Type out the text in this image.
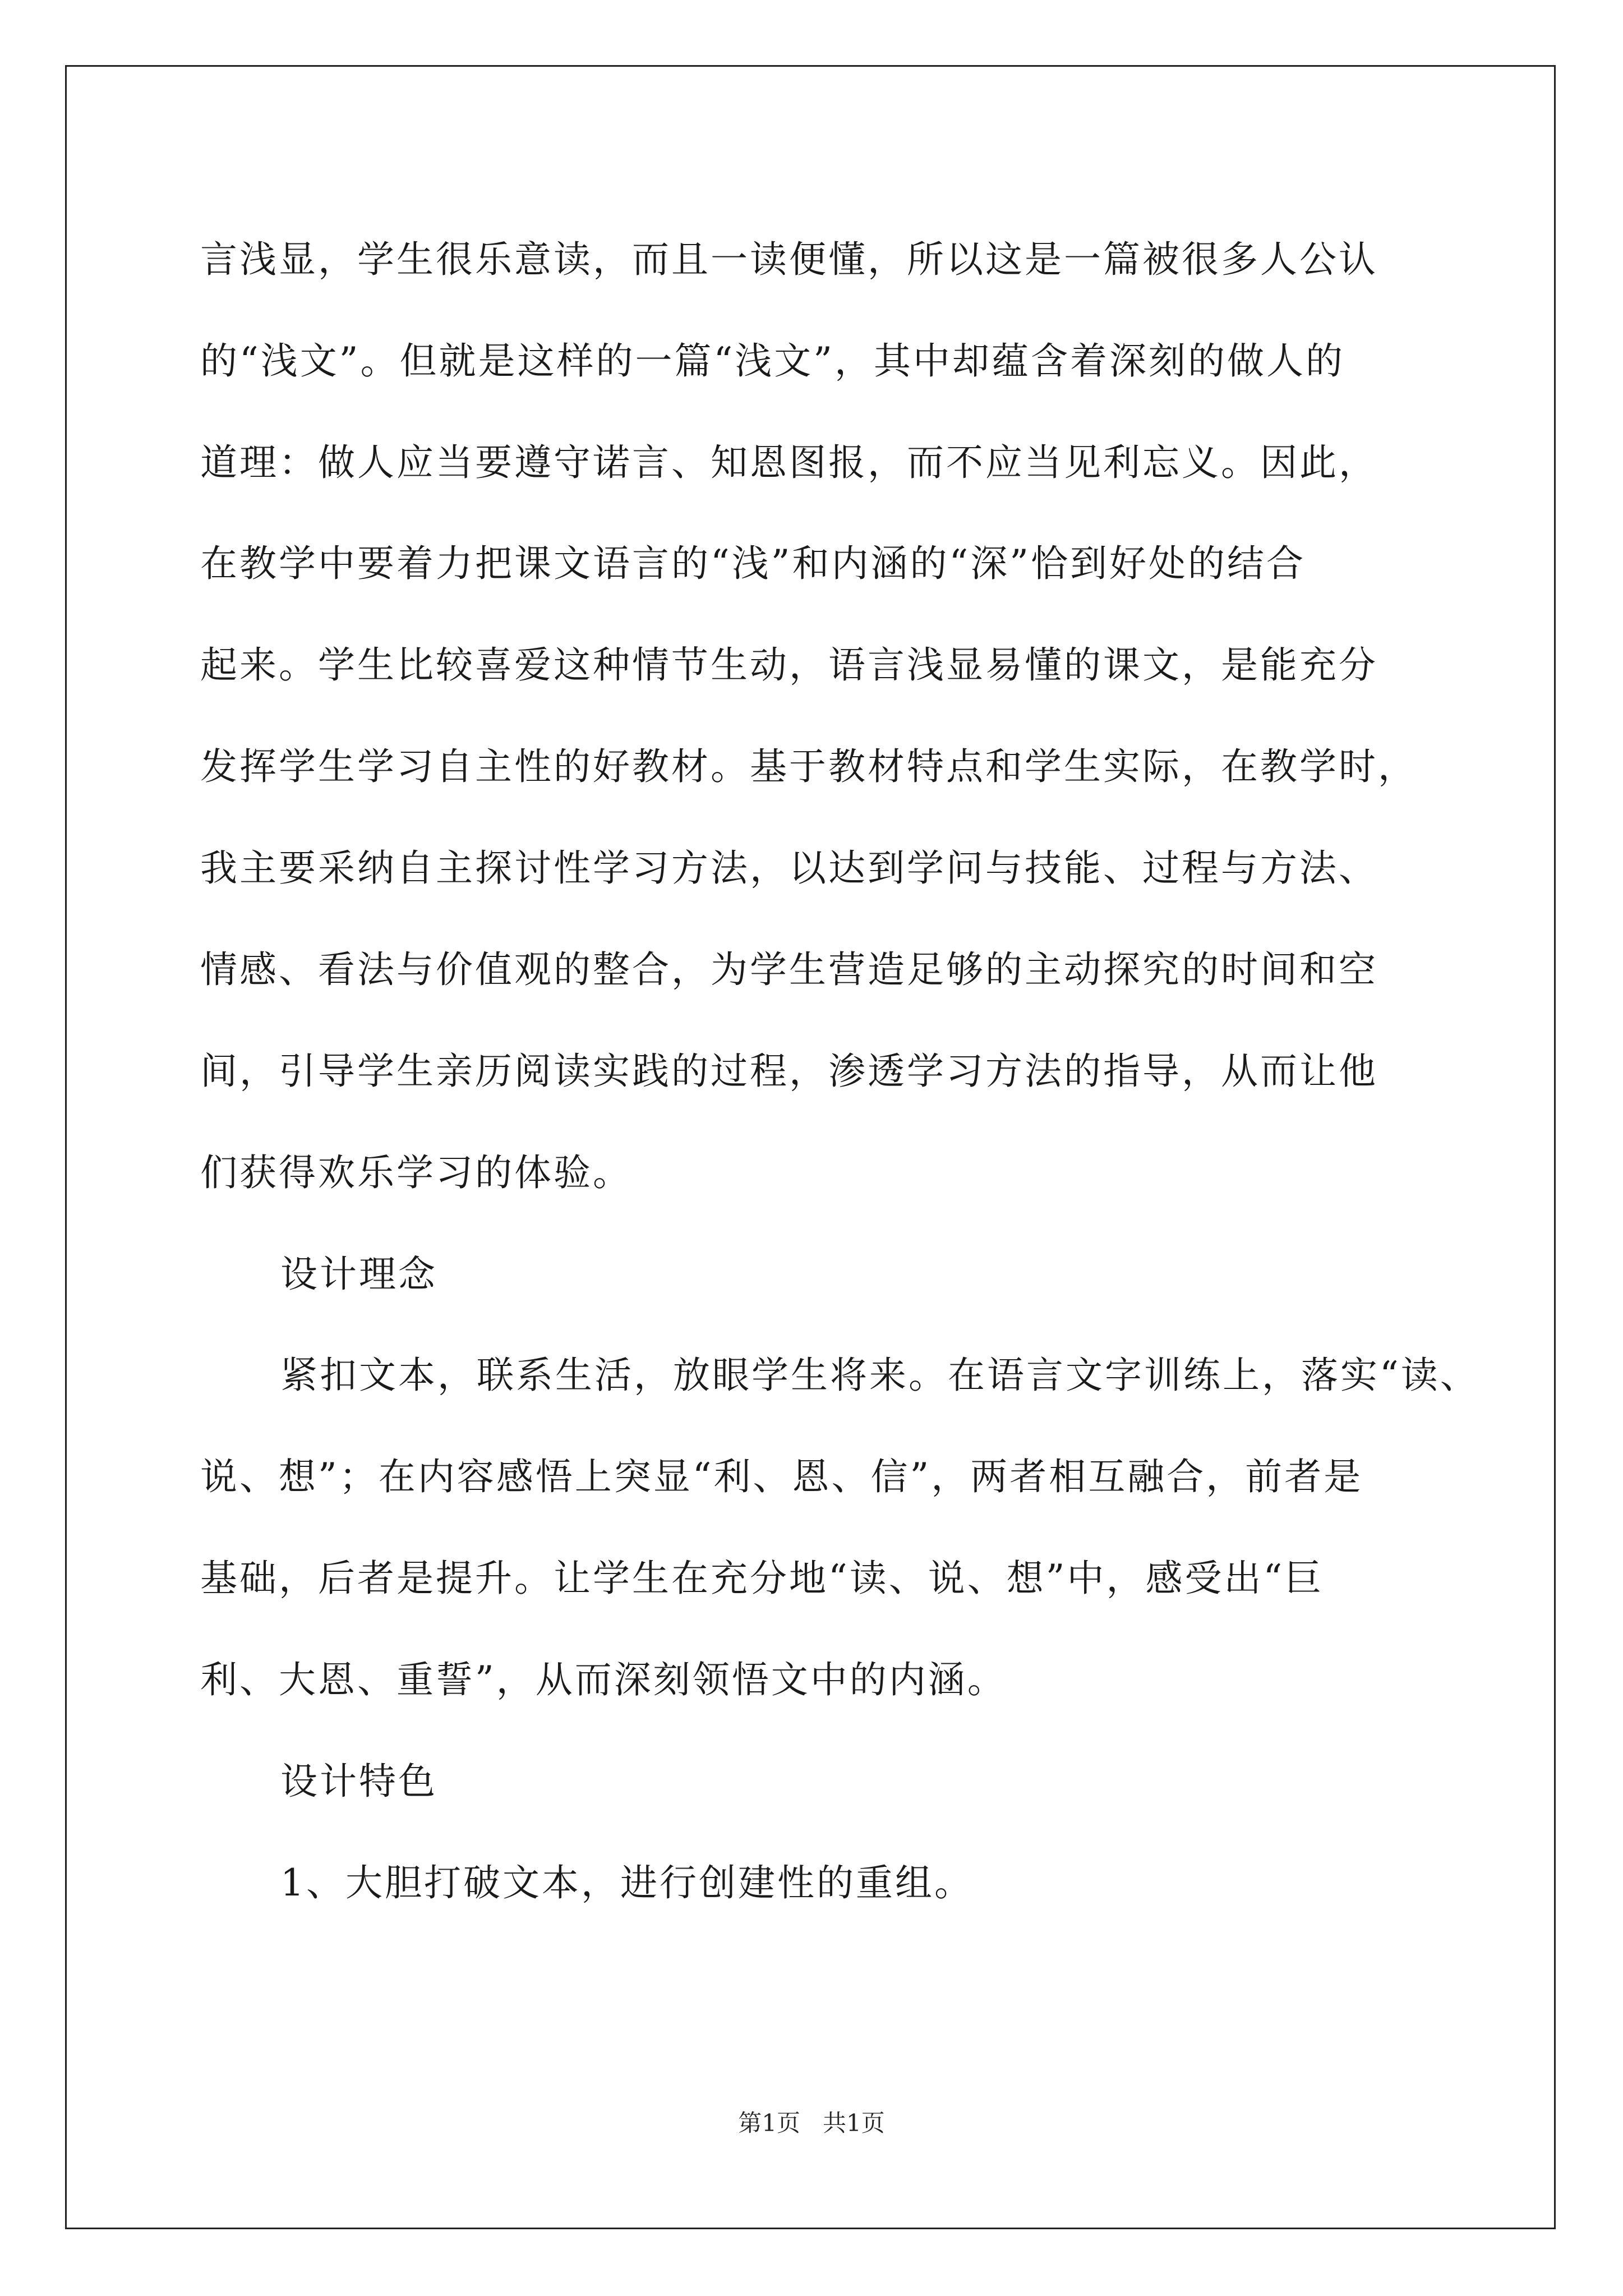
言浅显，学生很乐意读，而且一读便懂，所以这是一篇被很多人公认
的“浅文”。但就是这样的一篇“浅文”，其中却蕴含着深刻的做人的
道理：做人应当要遵守诺言、知恩图报，而不应当见利忘义。因此，
在教学中要着力把课文语言的“浅”和内涵的“深”恰到好处的结合
起来。学生比较喜爱这种情节生动，语言浅显易懂的课文，是能充分
发挥学生学习自主性的好教材。基于教材特点和学生实际，在教学时，
我主要采纳自主探讨性学习方法，以达到学问与技能、过程与方法、
情感、看法与价值观的整合，为学生营造足够的主动探究的时间和空
间，引导学生亲历阅读实践的过程，渗透学习方法的指导，从而让他
们获得欢乐学习的体验。
设计理念
紧扣文本，联系生活，放眼学生将来。在语言文字训练上，落实“读、
说、想”；在内容感悟上突显“利、恩、信”，两者相互融合，前者是
基础，后者是提升。让学生在充分地“读、说、想”中，感受出“巨
利、大恩、重誓”，从而深刻领悟文中的内涵。
设计特色
1、大胆打破文本，进行创建性的重组。
第1页 共1页
